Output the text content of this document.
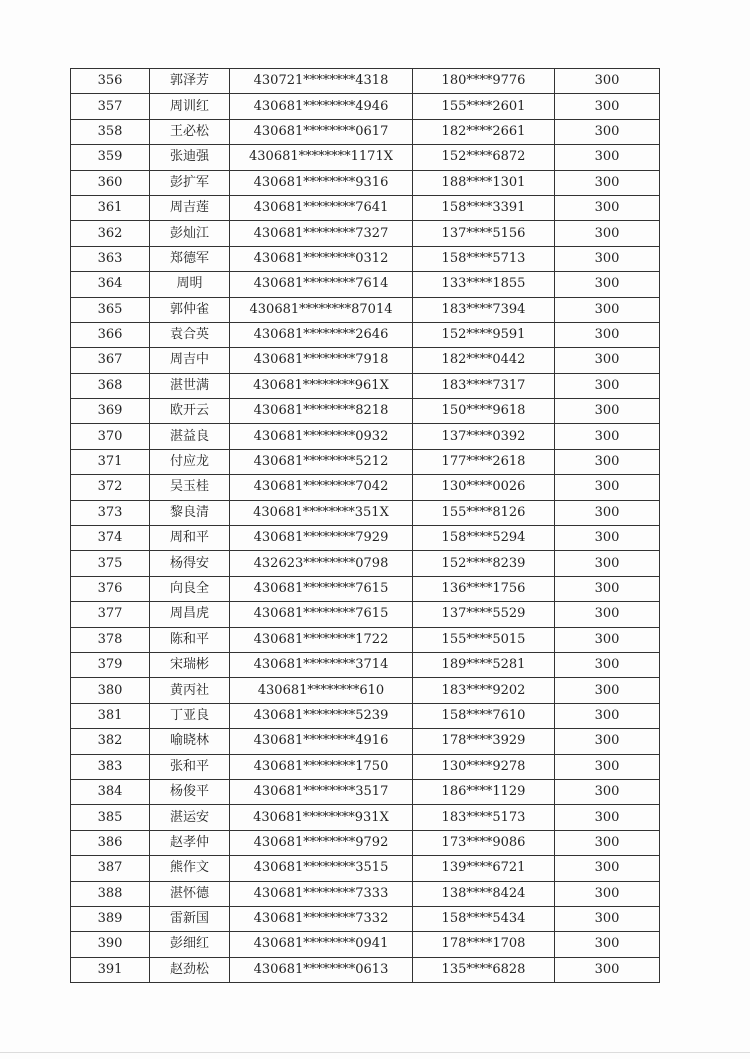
356	郭泽芳	430721********4318	180****9776	300
357	周训红	430681********4946	155****2601	300
358	王必松	430681********0617	182****2661	300
359	张迪强	430681********1171X	152****6872	300
360	彭扩军	430681********9316	188****1301	300
361	周吉莲	430681********7641	158****3391	300
362	彭灿江	430681********7327	137****5156	300
363	郑德军	430681********0312	158****5713	300
364	周明	430681********7614	133****1855	300
365	郭仲雀	430681********87014	183****7394	300
366	袁合英	430681********2646	152****9591	300
367	周吉中	430681********7918	182****0442	300
368	湛世满	430681********961X	183****7317	300
369	欧开云	430681********8218	150****9618	300
370	湛益良	430681********0932	137****0392	300
371	付应龙	430681********5212	177****2618	300
372	吴玉桂	430681********7042	130****0026	300
373	黎良清	430681********351X	155****8126	300
374	周和平	430681********7929	158****5294	300
375	杨得安	432623********0798	152****8239	300
376	向良全	430681********7615	136****1756	300
377	周昌虎	430681********7615	137****5529	300
378	陈和平	430681********1722	155****5015	300
379	宋瑞彬	430681********3714	189****5281	300
380	黄丙社	430681********610	183****9202	300
381	丁亚良	430681********5239	158****7610	300
382	喻晓林	430681********4916	178****3929	300
383	张和平	430681********1750	130****9278	300
384	杨俊平	430681********3517	186****1129	300
385	湛运安	430681********931X	183****5173	300
386	赵孝仲	430681********9792	173****9086	300
387	熊作文	430681********3515	139****6721	300
388	湛怀德	430681********7333	138****8424	300
389	雷新国	430681********7332	158****5434	300
390	彭细红	430681********0941	178****1708	300
391	赵劲松	430681********0613	135****6828	300
